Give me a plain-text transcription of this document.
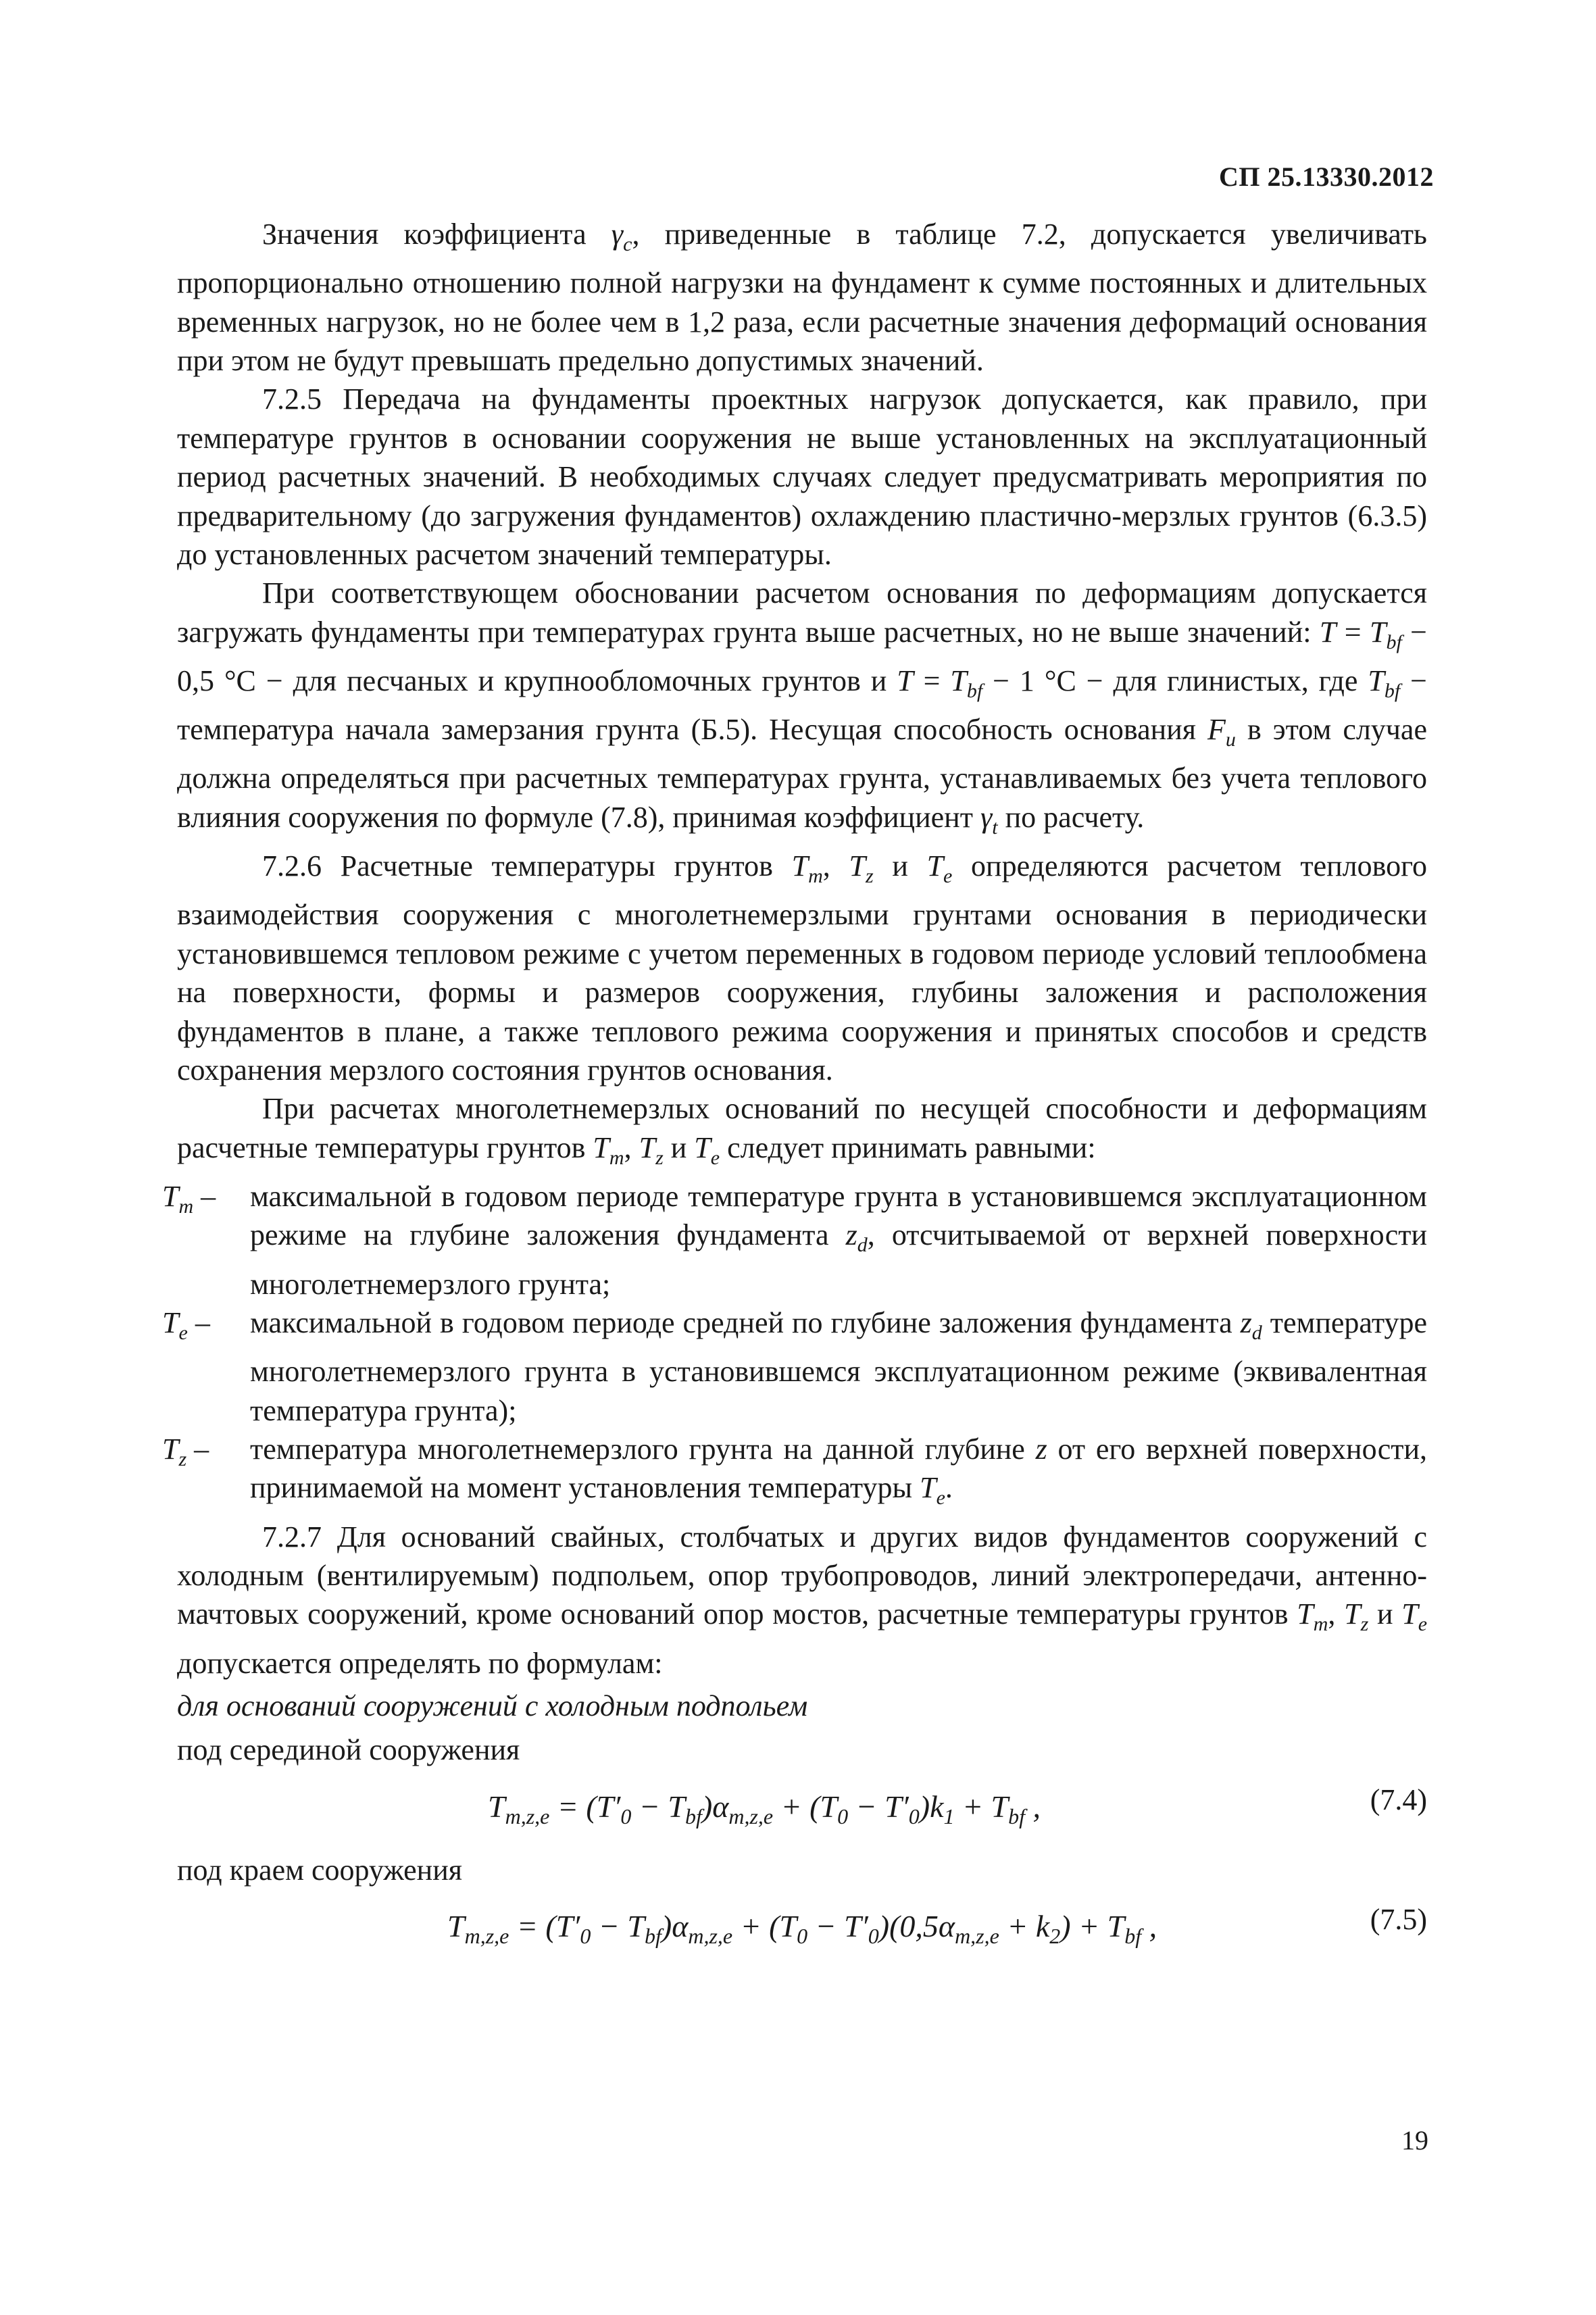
СП 25.13330.2012

Значения коэффициента $\gamma_c$, приведенные в таблице 7.2, допускается увеличивать пропорционально отношению полной нагрузки на фундамент к сумме постоянных и длительных временных нагрузок, но не более чем в 1,2 раза, если расчетные значения деформаций основания при этом не будут превышать предельно допустимых значений.

7.2.5 Передача на фундаменты проектных нагрузок допускается, как правило, при температуре грунтов в основании сооружения не выше установленных на эксплуатационный период расчетных значений. В необходимых случаях следует предусматривать мероприятия по предварительному (до загружения фундаментов) охлаждению пластично-мерзлых грунтов (6.3.5) до установленных расчетом значений температуры.

При соответствующем обосновании расчетом основания по деформациям допускается загружать фундаменты при температурах грунта выше расчетных, но не выше значений: $T = T_{bf} - 0,5$ °С − для песчаных и крупнообломочных грунтов и $T = T_{bf} - 1$ °С − для глинистых, где $T_{bf}$ − температура начала замерзания грунта (Б.5). Несущая способность основания $F_u$ в этом случае должна определяться при расчетных температурах грунта, устанавливаемых без учета теплового влияния сооружения по формуле (7.8), принимая коэффициент $\gamma_t$ по расчету.

7.2.6 Расчетные температуры грунтов $T_m$, $T_z$ и $T_e$ определяются расчетом теплового взаимодействия сооружения с многолетнемерзлыми грунтами основания в периодически установившемся тепловом режиме с учетом переменных в годовом периоде условий теплообмена на поверхности, формы и размеров сооружения, глубины заложения и расположения фундаментов в плане, а также теплового режима сооружения и принятых способов и средств сохранения мерзлого состояния грунтов основания.

При расчетах многолетнемерзлых оснований по несущей способности и деформациям расчетные температуры грунтов $T_m$, $T_z$ и $T_e$ следует принимать равными:

$T_m$ – максимальной в годовом периоде температуре грунта в установившемся эксплуатационном режиме на глубине заложения фундамента $z_d$, отсчитываемой от верхней поверхности многолетнемерзлого грунта;
$T_e$ – максимальной в годовом периоде средней по глубине заложения фундамента $z_d$ температуре многолетнемерзлого грунта в установившемся эксплуатационном режиме (эквивалентная температура грунта);
$T_z$ – температура многолетнемерзлого грунта на данной глубине z от его верхней поверхности, принимаемой на момент установления температуры $T_e$.

7.2.7 Для оснований свайных, столбчатых и других видов фундаментов сооружений с холодным (вентилируемым) подпольем, опор трубопроводов, линий электропередачи, антенно-мачтовых сооружений, кроме оснований опор мостов, расчетные температуры грунтов $T_m$, $T_z$ и $T_e$ допускается определять по формулам:

для оснований сооружений с холодным подпольем

под серединой сооружения

$T_{m,z,e} = (T'_0 - T_{bf})\alpha_{m,z,e} + (T_0 - T'_0)k_1 + T_{bf}$ ,	(7.4)

под краем сооружения

$T_{m,z,e} = (T'_0 - T_{bf})\alpha_{m,z,e} + (T_0 - T'_0)(0,5\alpha_{m,z,e} + k_2) + T_{bf}$ ,	(7.5)
19
